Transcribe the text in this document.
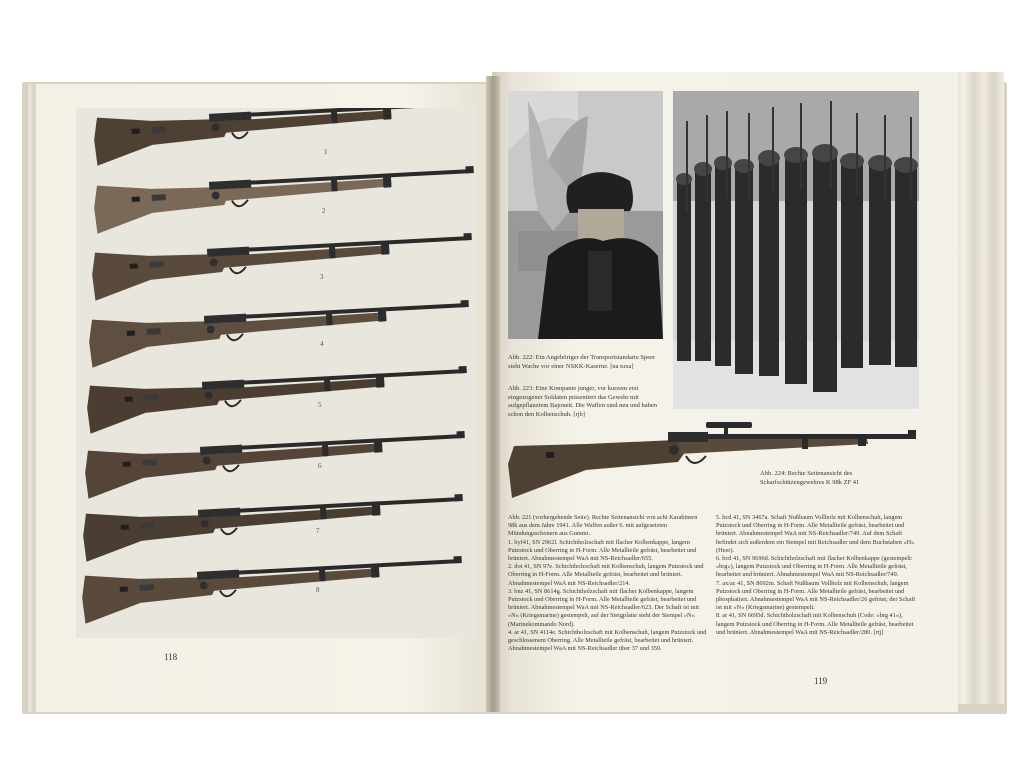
1
2
3
4
5
6
7
8
118
Abb. 222: Ein Angehöriger der Transportstandarte Speer steht Wache vor einer NSKK-Kaserne. [na tuxa]
Abb. 223: Eine Kompanie junger, vor kurzem erst eingezogener Soldaten präsentiert das Gewehr mit aufgepflanztem Bajonett. Die Waffen sind neu und haben schon den Kolbenschuh. [rjb]
Abb. 224: Rechte Seitenansicht des Scharfschützengewehres K 98k ZF 41

Abb. 221 (vorhergehende Seite). Rechte Seitenansicht von acht Karabinern 98k aus dem Jahre 1941. Alle Waffen außer 6. mit aufgesetzten Mündungsschonern aus Gummi.

1. byf41, SN 2962l. Schichtholzschaft mit flacher Kolbenkappe, langem Putzstock und Oberring in H-Form. Alle Metallteile gefräst, bearbeitet und brüniert. Abnahmestempel WaA mit NS-Reichsadler/655.

2. dot 41, SN 97e. Schichtholzschaft mit Kolbenschuh, langem Putzstock und Oberring in H-Form. Alle Metallteile gefräst, bearbeitet und brüniert. Abnahmestempel WaA mit NS-Reichsadler/214.

3. bnz 41, SN 8614g. Schichtholzschaft mit flacher Kolbenkappe, langem Putzstock und Oberring in H-Form. Alle Metallteile gefräst, bearbeitet und brüniert. Abnahmestempel WaA mit NS-Reichsadler/623. Der Schaft ist mit »N« (Kriegsmarine) gestempelt, auf der Steigplatte steht der Stempel »N« (Marinekommando Nord).

4. ar 41, SN 4114e. Schichtholzschaft mit Kolbenschuh, langem Putzstock und geschlossenem Oberring. Alle Metallteile gefräst, bearbeitet und brüniert. Abnahmestempel WaA mit NS-Reichsadler über 37 und 359.

5. bcd 41, SN 3467a. Schaft Nußbaum Vollholz mit Kolbenschuh, langem Putzstock und Oberring in H-Form. Alle Metallteile gefräst, bearbeitet und brüniert. Abnahmestempel WaA mit NS-Reichsadler/749. Auf dem Schaft befindet sich außerdem ein Stempel mit Reichsadler und dem Buchstaben »H« (Heer).

6. bcd 41, SN 9696d. Schichtholzschaft mit flacher Kolbenkappe (gestempelt: »brg«), langem Putzstock und Oberring in H-Form. Alle Metallteile gefräst, bearbeitet und brüniert. Abnahmestempel WaA mit NS-Reichsadler/749.

7. ax/ac 41, SN 8692m. Schaft Nußbaum Vollholz mit Kolbenschuh, langem Putzstock und Oberring in H-Form. Alle Metallteile gefräst, bearbeitet und phosphatiert. Abnahmestempel WaA mit NS-Reichsadler/26 gefräst; der Schaft ist mit »N« (Kriegsmarine) gestempelt.

8. ar 41, SN 6695d. Schichtholzschaft mit Kolbenschuh (Code: »brg 41«), langem Putzstock und Oberring in H-Form. Alle Metallteile gefräst, bearbeitet und brüniert. Abnahmestempel WaA mit NS-Reichsadler/280. [rtj]

119
